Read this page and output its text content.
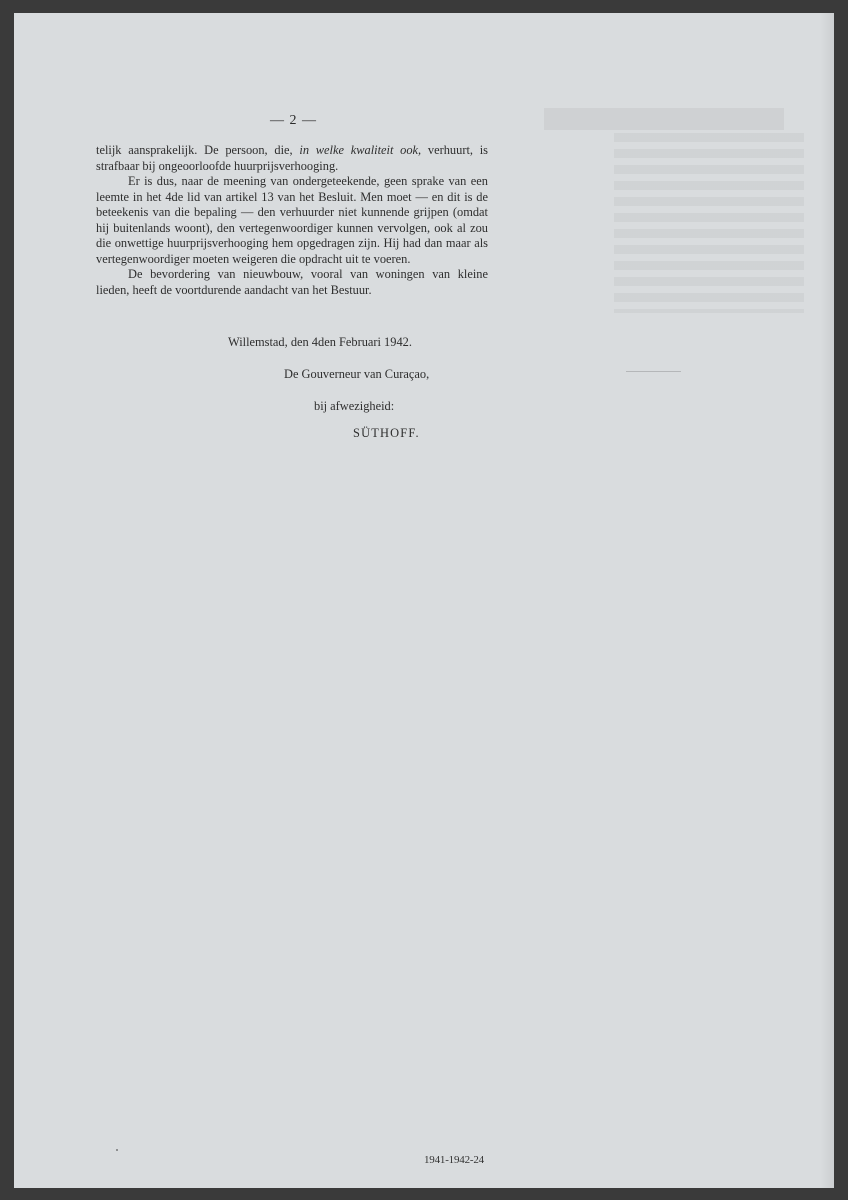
— 2 —

telijk aansprakelijk. De persoon, die, in welke kwaliteit ook, verhuurt, is strafbaar bij ongeoorloofde huurprijsverhooging.

Er is dus, naar de meening van ondergeteekende, geen sprake van een leemte in het 4de lid van artikel 13 van het Besluit. Men moet — en dit is de beteekenis van die bepaling — den verhuurder niet kunnende grijpen (omdat hij buitenlands woont), den vertegenwoordiger kunnen vervolgen, ook al zou die onwettige huurprijsverhooging hem opgedragen zijn. Hij had dan maar als vertegenwoordiger moeten weigeren die opdracht uit te voeren.

De bevordering van nieuwbouw, vooral van woningen van kleine lieden, heeft de voortdurende aandacht van het Bestuur.

Willemstad, den 4den Februari 1942.
De Gouverneur van Curaçao,
bij afwezigheid:
SÜTHOFF.
1941-1942-24
